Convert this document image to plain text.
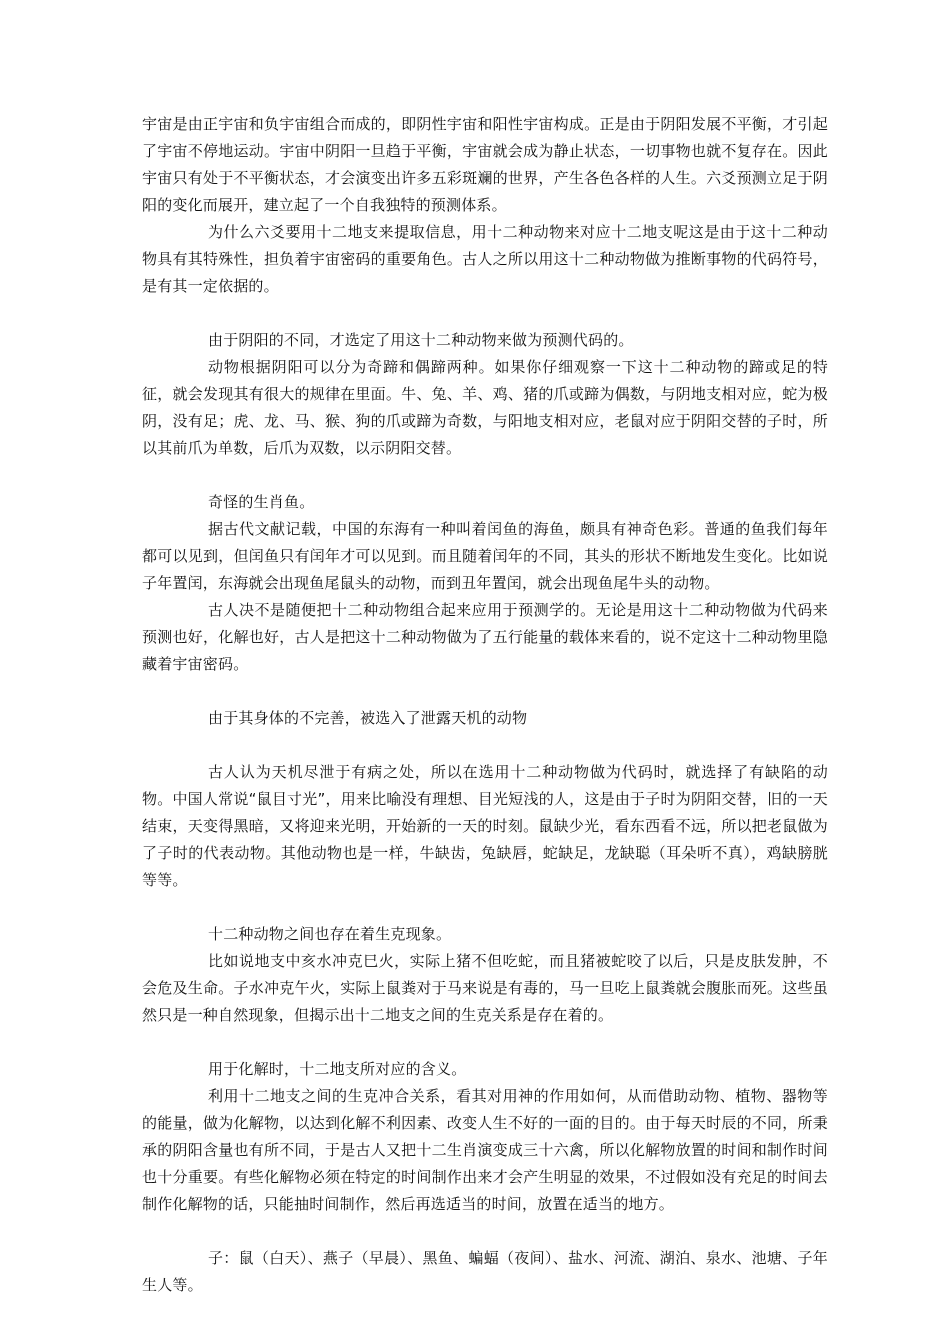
宇宙是由正宇宙和负宇宙组合而成的，即阴性宇宙和阳性宇宙构成。正是由于阴阳发展不平衡，才引起了宇宙不停地运动。宇宙中阴阳一旦趋于平衡，宇宙就会成为静止状态，一切事物也就不复存在。因此宇宙只有处于不平衡状态，才会演变出许多五彩斑斓的世界，产生各色各样的人生。六爻预测立足于阴阳的变化而展开，建立起了一个自我独特的预测体系。

为什么六爻要用十二地支来提取信息，用十二种动物来对应十二地支呢这是由于这十二种动物具有其特殊性，担负着宇宙密码的重要角色。古人之所以用这十二种动物做为推断事物的代码符号，是有其一定依据的。

由于阴阳的不同，才选定了用这十二种动物来做为预测代码的。

动物根据阴阳可以分为奇蹄和偶蹄两种。如果你仔细观察一下这十二种动物的蹄或足的特征，就会发现其有很大的规律在里面。牛、兔、羊、鸡、猪的爪或蹄为偶数，与阴地支相对应，蛇为极阴，没有足；虎、龙、马、猴、狗的爪或蹄为奇数，与阳地支相对应，老鼠对应于阴阳交替的子时，所以其前爪为单数，后爪为双数，以示阴阳交替。

奇怪的生肖鱼。

据古代文献记载，中国的东海有一种叫着闰鱼的海鱼，颇具有神奇色彩。普通的鱼我们每年都可以见到，但闰鱼只有闰年才可以见到。而且随着闰年的不同，其头的形状不断地发生变化。比如说子年置闰，东海就会出现鱼尾鼠头的动物，而到丑年置闰，就会出现鱼尾牛头的动物。

古人决不是随便把十二种动物组合起来应用于预测学的。无论是用这十二种动物做为代码来预测也好，化解也好，古人是把这十二种动物做为了五行能量的载体来看的，说不定这十二种动物里隐藏着宇宙密码。

由于其身体的不完善，被选入了泄露天机的动物

古人认为天机尽泄于有病之处，所以在选用十二种动物做为代码时，就选择了有缺陷的动物。中国人常说“鼠目寸光”，用来比喻没有理想、目光短浅的人，这是由于子时为阴阳交替，旧的一天结束，天变得黑暗，又将迎来光明，开始新的一天的时刻。鼠缺少光，看东西看不远，所以把老鼠做为了子时的代表动物。其他动物也是一样，牛缺齿，兔缺唇，蛇缺足，龙缺聪（耳朵听不真），鸡缺膀胱等等。

十二种动物之间也存在着生克现象。

比如说地支中亥水冲克巳火，实际上猪不但吃蛇，而且猪被蛇咬了以后，只是皮肤发肿，不会危及生命。子水冲克午火，实际上鼠粪对于马来说是有毒的，马一旦吃上鼠粪就会腹胀而死。这些虽然只是一种自然现象，但揭示出十二地支之间的生克关系是存在着的。

用于化解时，十二地支所对应的含义。

利用十二地支之间的生克冲合关系，看其对用神的作用如何，从而借助动物、植物、器物等的能量，做为化解物，以达到化解不利因素、改变人生不好的一面的目的。由于每天时辰的不同，所秉承的阴阳含量也有所不同，于是古人又把十二生肖演变成三十六禽，所以化解物放置的时间和制作时间也十分重要。有些化解物必须在特定的时间制作出来才会产生明显的效果，不过假如没有充足的时间去制作化解物的话，只能抽时间制作，然后再选适当的时间，放置在适当的地方。

子：鼠（白天）、燕子（早晨）、黑鱼、蝙蝠（夜间）、盐水、河流、湖泊、泉水、池塘、子年生人等。
